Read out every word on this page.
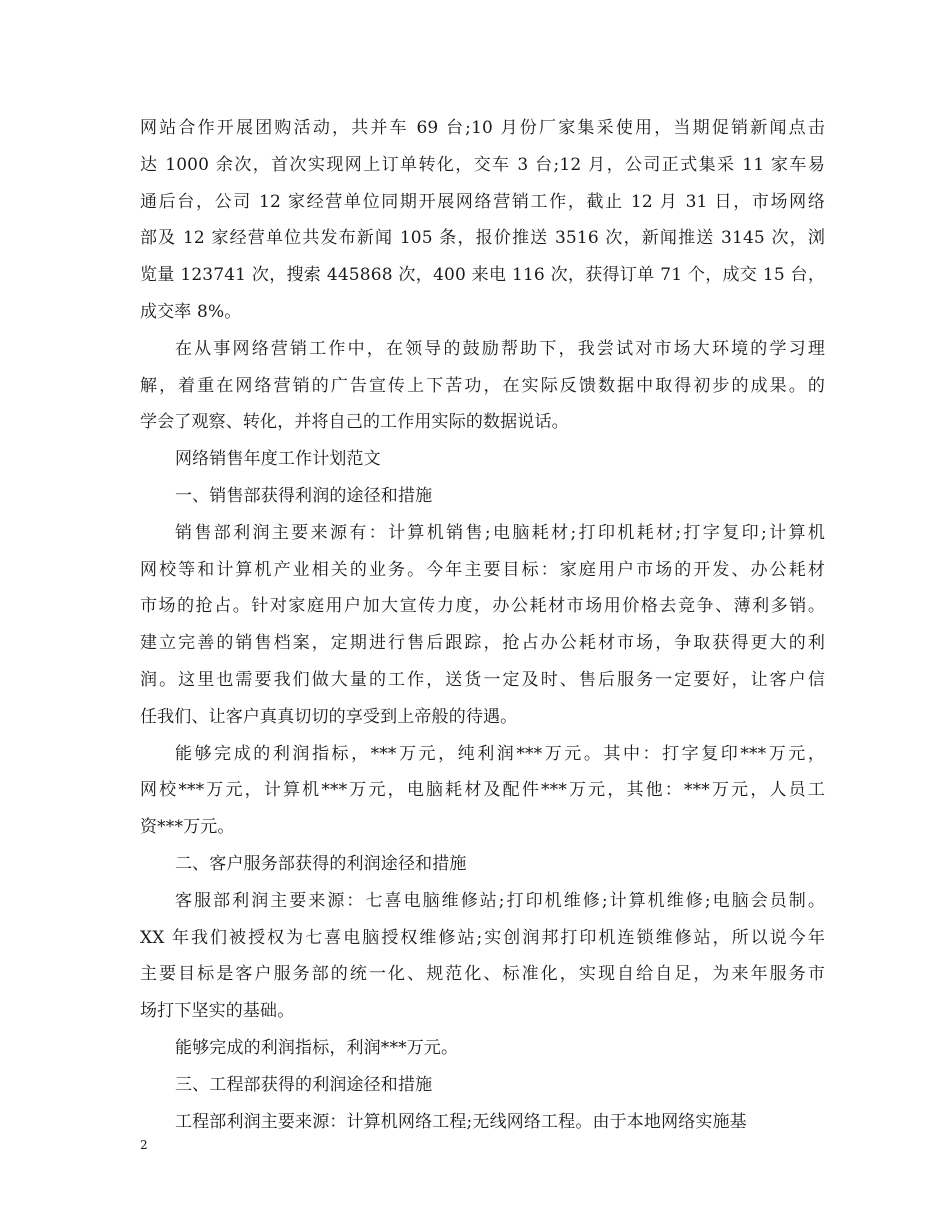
网站合作开展团购活动，共并车 69 台;10 月份厂家集采使用，当期促销新闻点击
达 1000 余次，首次实现网上订单转化，交车 3 台;12 月，公司正式集采 11 家车易
通后台，公司 12 家经营单位同期开展网络营销工作，截止 12 月 31 日，市场网络
部及 12 家经营单位共发布新闻 105 条，报价推送 3516 次，新闻推送 3145 次，浏
览量 123741 次，搜索 445868 次，400 来电 116 次，获得订单 71 个，成交 15 台，
成交率 8%。
在从事网络营销工作中，在领导的鼓励帮助下，我尝试对市场大环境的学习理
解，着重在网络营销的广告宣传上下苦功，在实际反馈数据中取得初步的成果。的
学会了观察、转化，并将自己的工作用实际的数据说话。
网络销售年度工作计划范文
一、销售部获得利润的途径和措施
销售部利润主要来源有：计算机销售;电脑耗材;打印机耗材;打字复印;计算机
网校等和计算机产业相关的业务。今年主要目标：家庭用户市场的开发、办公耗材
市场的抢占。针对家庭用户加大宣传力度，办公耗材市场用价格去竞争、薄利多销。
建立完善的销售档案，定期进行售后跟踪，抢占办公耗材市场，争取获得更大的利
润。这里也需要我们做大量的工作，送货一定及时、售后服务一定要好，让客户信
任我们、让客户真真切切的享受到上帝般的待遇。
能够完成的利润指标，***万元，纯利润***万元。其中：打字复印***万元，
网校***万元，计算机***万元，电脑耗材及配件***万元，其他：***万元，人员工
资***万元。
二、客户服务部获得的利润途径和措施
客服部利润主要来源：七喜电脑维修站;打印机维修;计算机维修;电脑会员制。
XX 年我们被授权为七喜电脑授权维修站;实创润邦打印机连锁维修站，所以说今年
主要目标是客户服务部的统一化、规范化、标准化，实现自给自足，为来年服务市
场打下坚实的基础。
能够完成的利润指标，利润***万元。
三、工程部获得的利润途径和措施
工程部利润主要来源：计算机网络工程;无线网络工程。由于本地网络实施基
2
